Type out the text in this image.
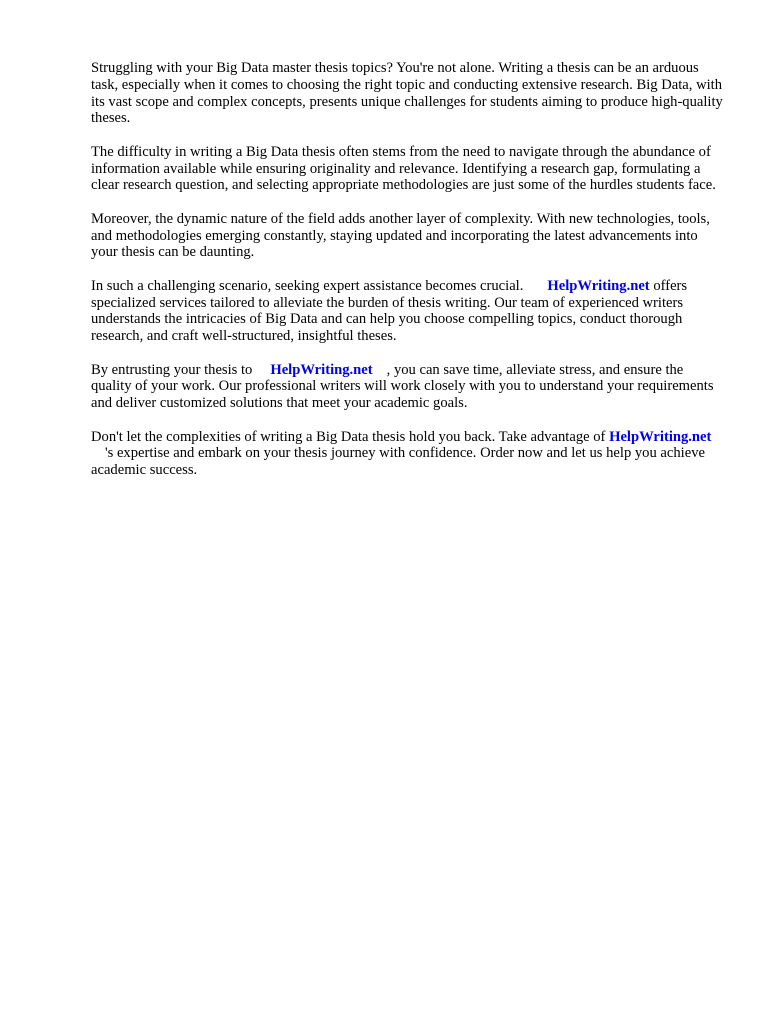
Struggling with your Big Data master thesis topics? You're not alone. Writing a thesis can be an arduous task, especially when it comes to choosing the right topic and conducting extensive research. Big Data, with its vast scope and complex concepts, presents unique challenges for students aiming to produce high-quality theses.

The difficulty in writing a Big Data thesis often stems from the need to navigate through the abundance of information available while ensuring originality and relevance. Identifying a research gap, formulating a clear research question, and selecting appropriate methodologies are just some of the hurdles students face.

Moreover, the dynamic nature of the field adds another layer of complexity. With new technologies, tools, and methodologies emerging constantly, staying updated and incorporating the latest advancements into your thesis can be daunting.

In such a challenging scenario, seeking expert assistance becomes crucial. HelpWriting.net offers specialized services tailored to alleviate the burden of thesis writing. Our team of experienced writers understands the intricacies of Big Data and can help you choose compelling topics, conduct thorough research, and craft well-structured, insightful theses.

By entrusting your thesis to HelpWriting.net , you can save time, alleviate stress, and ensure the quality of your work. Our professional writers will work closely with you to understand your requirements and deliver customized solutions that meet your academic goals.

Don't let the complexities of writing a Big Data thesis hold you back. Take advantage of HelpWriting.net's expertise and embark on your thesis journey with confidence. Order now and let us help you achieve academic success.
